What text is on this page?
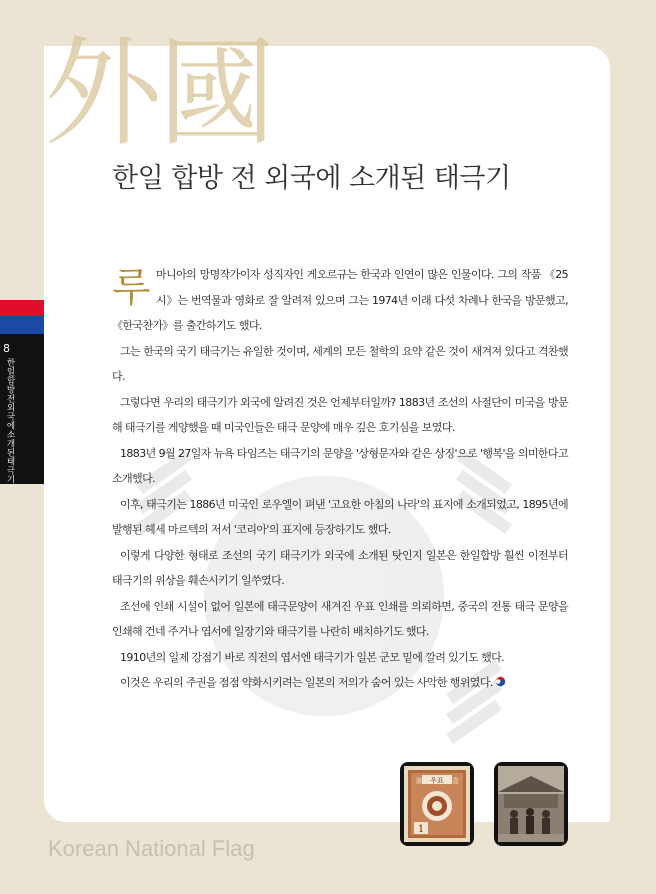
外國
한일 합방 전 외국에 소개된 태극기
8
한일합방전외국에소개된태극기

루마니아의 망명작가이자 성직자인 게오르규는 한국과 인연이 많은 인물이다. 그의 작품 《25시》는 번역물과 영화로 잘 알려져 있으며 그는 1974년 이래 다섯 차례나 한국을 방문했고, 《한국찬가》를 출간하기도 했다.

그는 한국의 국기 태극기는 유일한 것이며, 세계의 모든 철학의 요약 같은 것이 새겨져 있다고 격찬했다.

그렇다면 우리의 태극기가 외국에 알려진 것은 언제부터일까? 1883년 조선의 사절단이 미국을 방문해 태극기를 게양했을 때 미국인들은 태극 문양에 매우 깊은 호기심을 보였다.

1883년 9월 27일자 뉴욕 타임즈는 태극기의 문양을 '상형문자와 같은 상징'으로 '행복'을 의미한다고 소개했다.

이후, 태극기는 1886년 미국인 로우엘이 펴낸 '고요한 아침의 나라'의 표지에 소개되었고, 1895년에 발행된 헤세 마르텍의 저서 '코리아'의 표지에 등장하기도 했다.

이렇게 다양한 형태로 조선의 국기 태극기가 외국에 소개된 탓인지 일본은 한일합방 훨씬 이전부터 태극기의 위상을 훼손시키기 일쑤였다.

조선에 인쇄 시설이 없어 일본에 태극문양이 새겨진 우표 인쇄를 의뢰하면, 중국의 전통 태극 문양을 인쇄해 건네 주거나 엽서에 일장기와 태극기를 나란히 배치하기도 했다.

1910년의 일제 강점기 바로 직전의 엽서엔 태극기가 일본 군모 밑에 깔려 있기도 했다.

이것은 우리의 주권을 점점 약화시키려는 일본의 저의가 숨어 있는 사악한 행위였다.

우표
圓	壹
1
Korean National Flag
